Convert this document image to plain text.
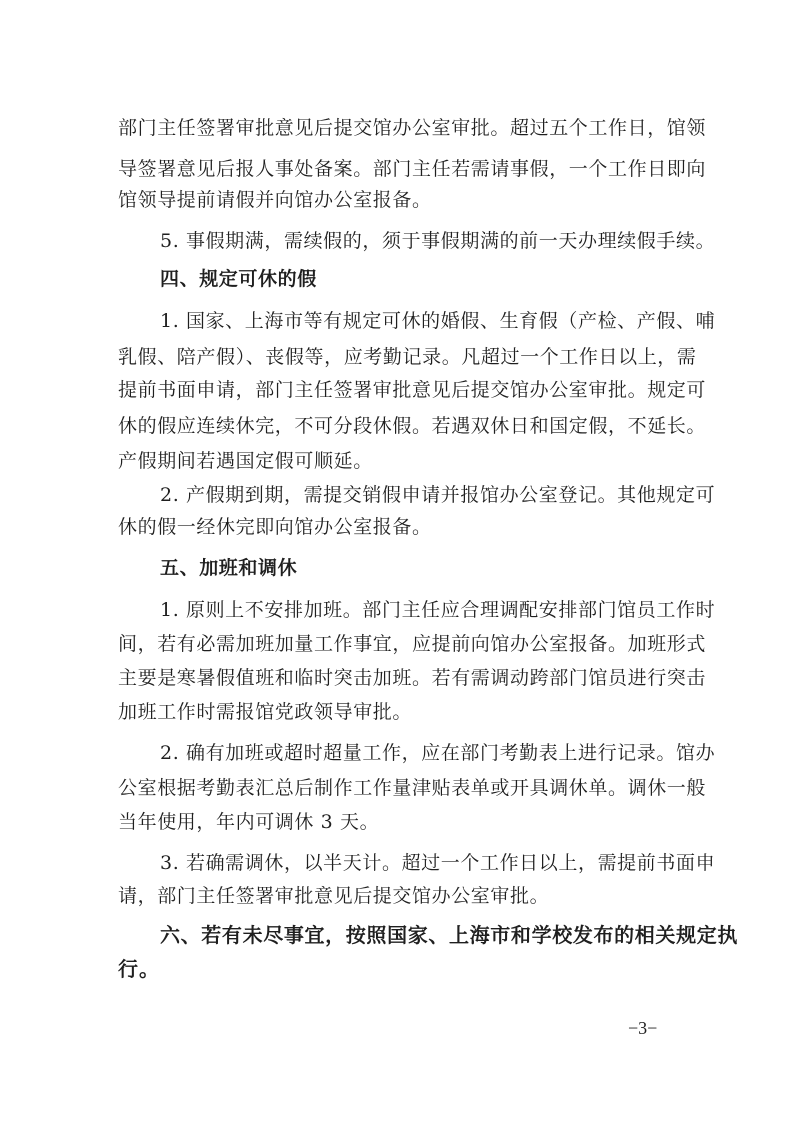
部门主任签署审批意见后提交馆办公室审批。超过五个工作日，馆领
导签署意见后报人事处备案。部门主任若需请事假，一个工作日即向
馆领导提前请假并向馆办公室报备。
5. 事假期满，需续假的，须于事假期满的前一天办理续假手续。
四、规定可休的假
1. 国家、上海市等有规定可休的婚假、生育假（产检、产假、哺
乳假、陪产假）、丧假等，应考勤记录。凡超过一个工作日以上，需
提前书面申请，部门主任签署审批意见后提交馆办公室审批。规定可
休的假应连续休完，不可分段休假。若遇双休日和国定假，不延长。
产假期间若遇国定假可顺延。
2. 产假期到期，需提交销假申请并报馆办公室登记。其他规定可
休的假一经休完即向馆办公室报备。
五、加班和调休
1. 原则上不安排加班。部门主任应合理调配安排部门馆员工作时
间，若有必需加班加量工作事宜，应提前向馆办公室报备。加班形式
主要是寒暑假值班和临时突击加班。若有需调动跨部门馆员进行突击
加班工作时需报馆党政领导审批。
2. 确有加班或超时超量工作，应在部门考勤表上进行记录。馆办
公室根据考勤表汇总后制作工作量津贴表单或开具调休单。调休一般
当年使用，年内可调休 3 天。
3. 若确需调休，以半天计。超过一个工作日以上，需提前书面申
请，部门主任签署审批意见后提交馆办公室审批。
六、若有未尽事宜，按照国家、上海市和学校发布的相关规定执
行。
−3−
